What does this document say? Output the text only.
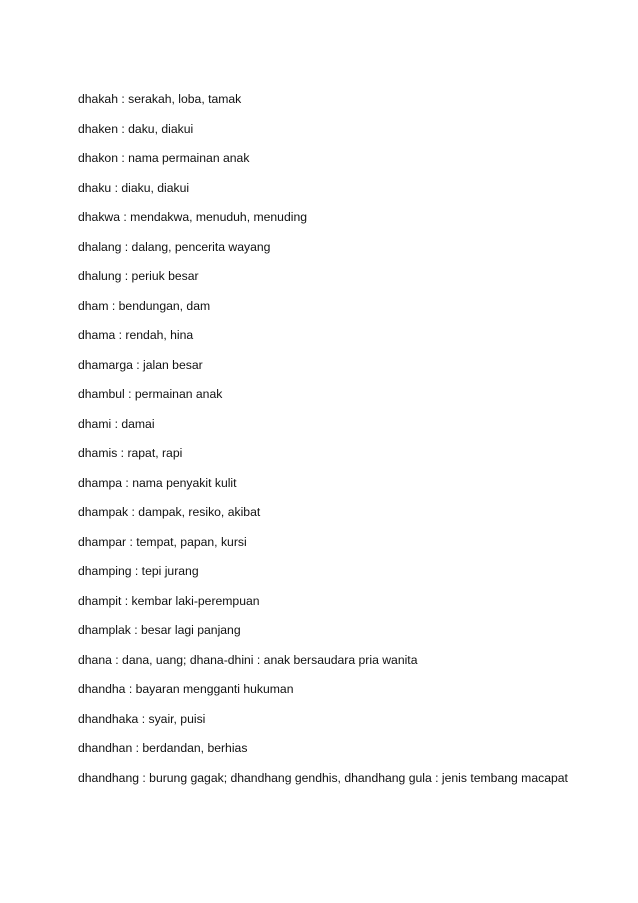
dhakah : serakah, loba, tamak
dhaken : daku, diakui
dhakon : nama permainan anak
dhaku : diaku, diakui
dhakwa : mendakwa, menuduh, menuding
dhalang : dalang, pencerita wayang
dhalung : periuk besar
dham : bendungan, dam
dhama : rendah, hina
dhamarga : jalan besar
dhambul : permainan anak
dhami : damai
dhamis : rapat, rapi
dhampa : nama penyakit kulit
dhampak : dampak, resiko, akibat
dhampar : tempat, papan, kursi
dhamping : tepi jurang
dhampit : kembar laki-perempuan
dhamplak : besar lagi panjang
dhana : dana, uang; dhana-dhini : anak bersaudara pria wanita
dhandha : bayaran mengganti hukuman
dhandhaka : syair, puisi
dhandhan : berdandan, berhias
dhandhang : burung gagak; dhandhang gendhis, dhandhang gula : jenis tembang macapat
